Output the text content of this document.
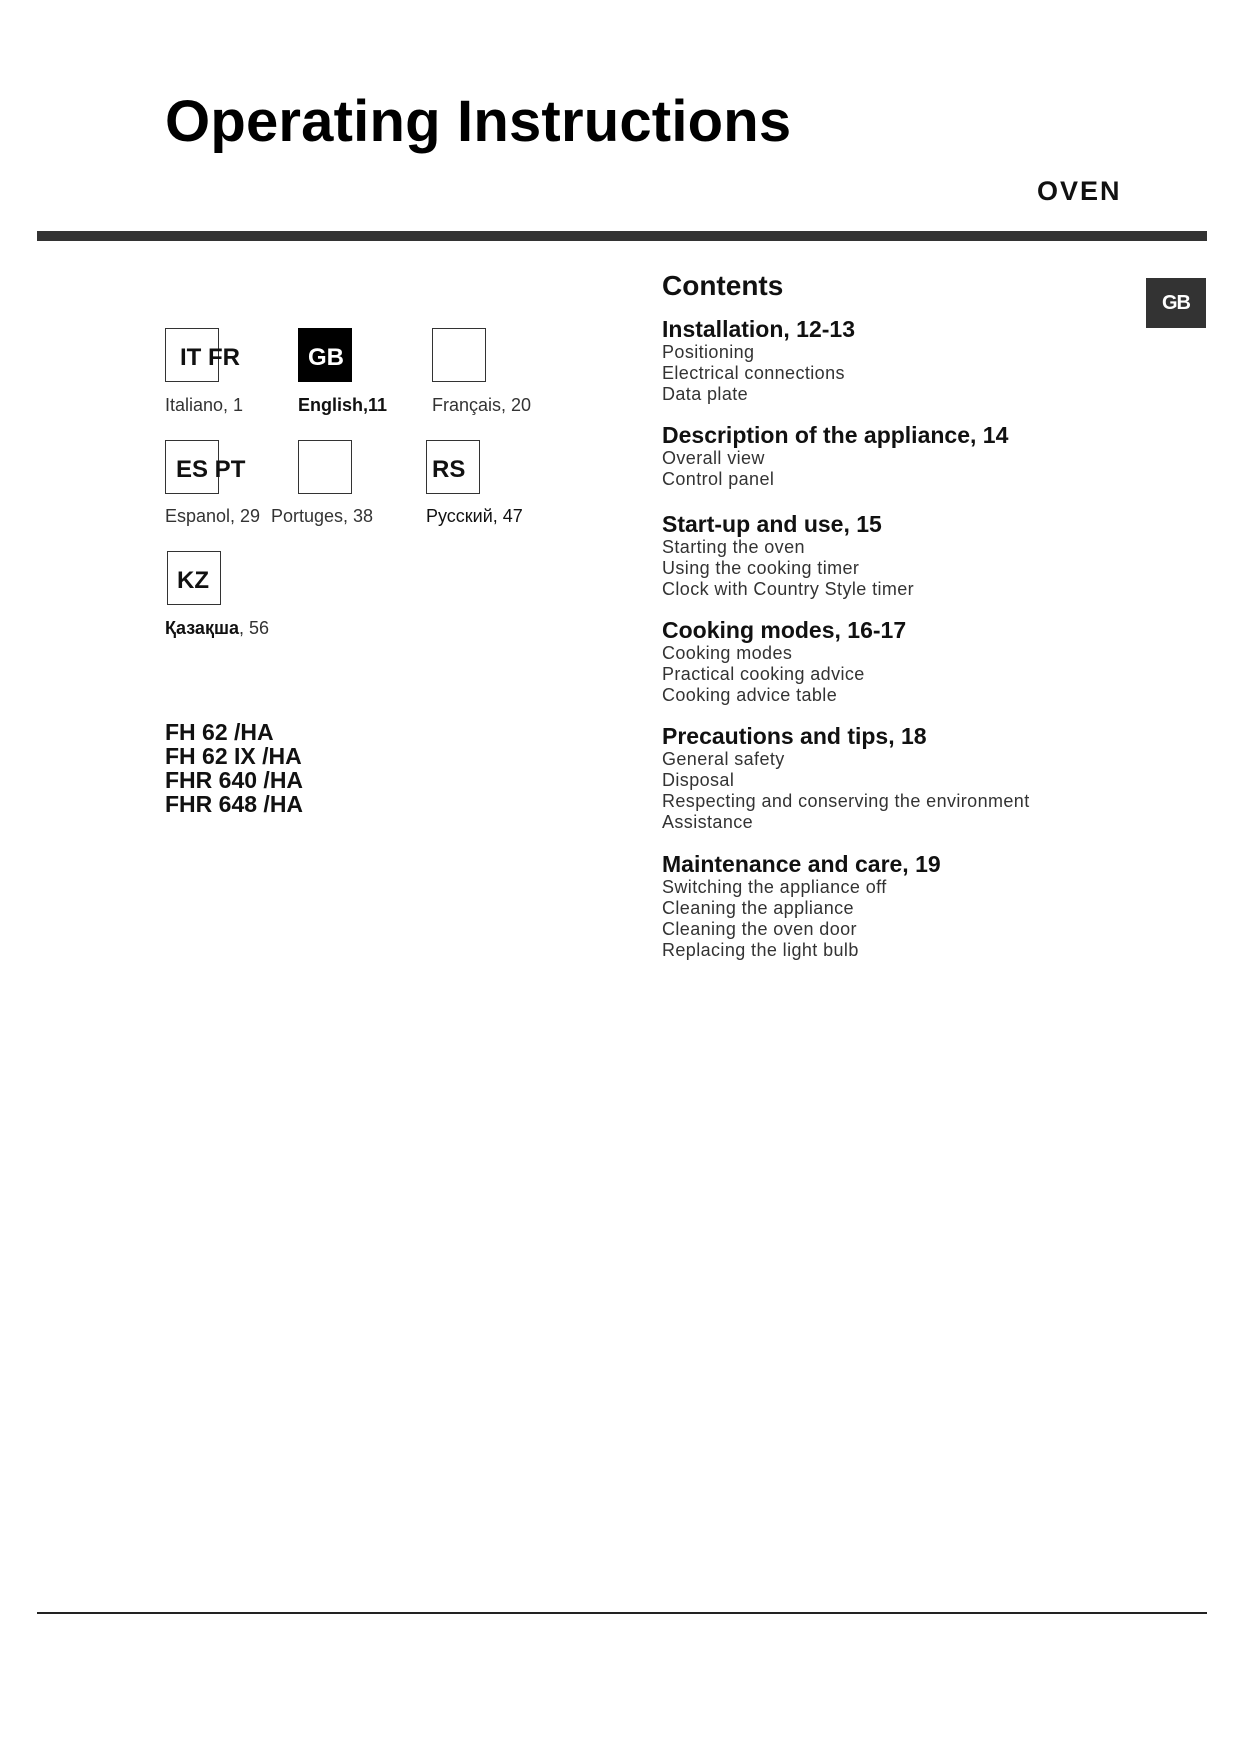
Operating Instructions
OVEN
GB
IT FR	GB
Italiano, 1	English,11 Français, 20
ES PT	RS
Espanol, 29 Portuges, 38	Русский, 47
KZ
Қазақша, 56
FH 62 /HA
FH 62 IX /HA
FHR 640 /HA
FHR 648 /HA
Contents
Installation, 12-13
Positioning
Electrical connections
Data plate
Description of the appliance, 14
Overall view
Control panel
Start-up and use, 15
Starting the oven
Using the cooking timer
Clock with Country Style timer
Cooking modes, 16-17
Cooking modes
Practical cooking advice
Cooking advice table
Precautions and tips, 18
General safety
Disposal
Respecting and conserving the environment
Assistance
Maintenance and care, 19
Switching the appliance off
Cleaning the appliance
Cleaning the oven door
Replacing the light bulb
